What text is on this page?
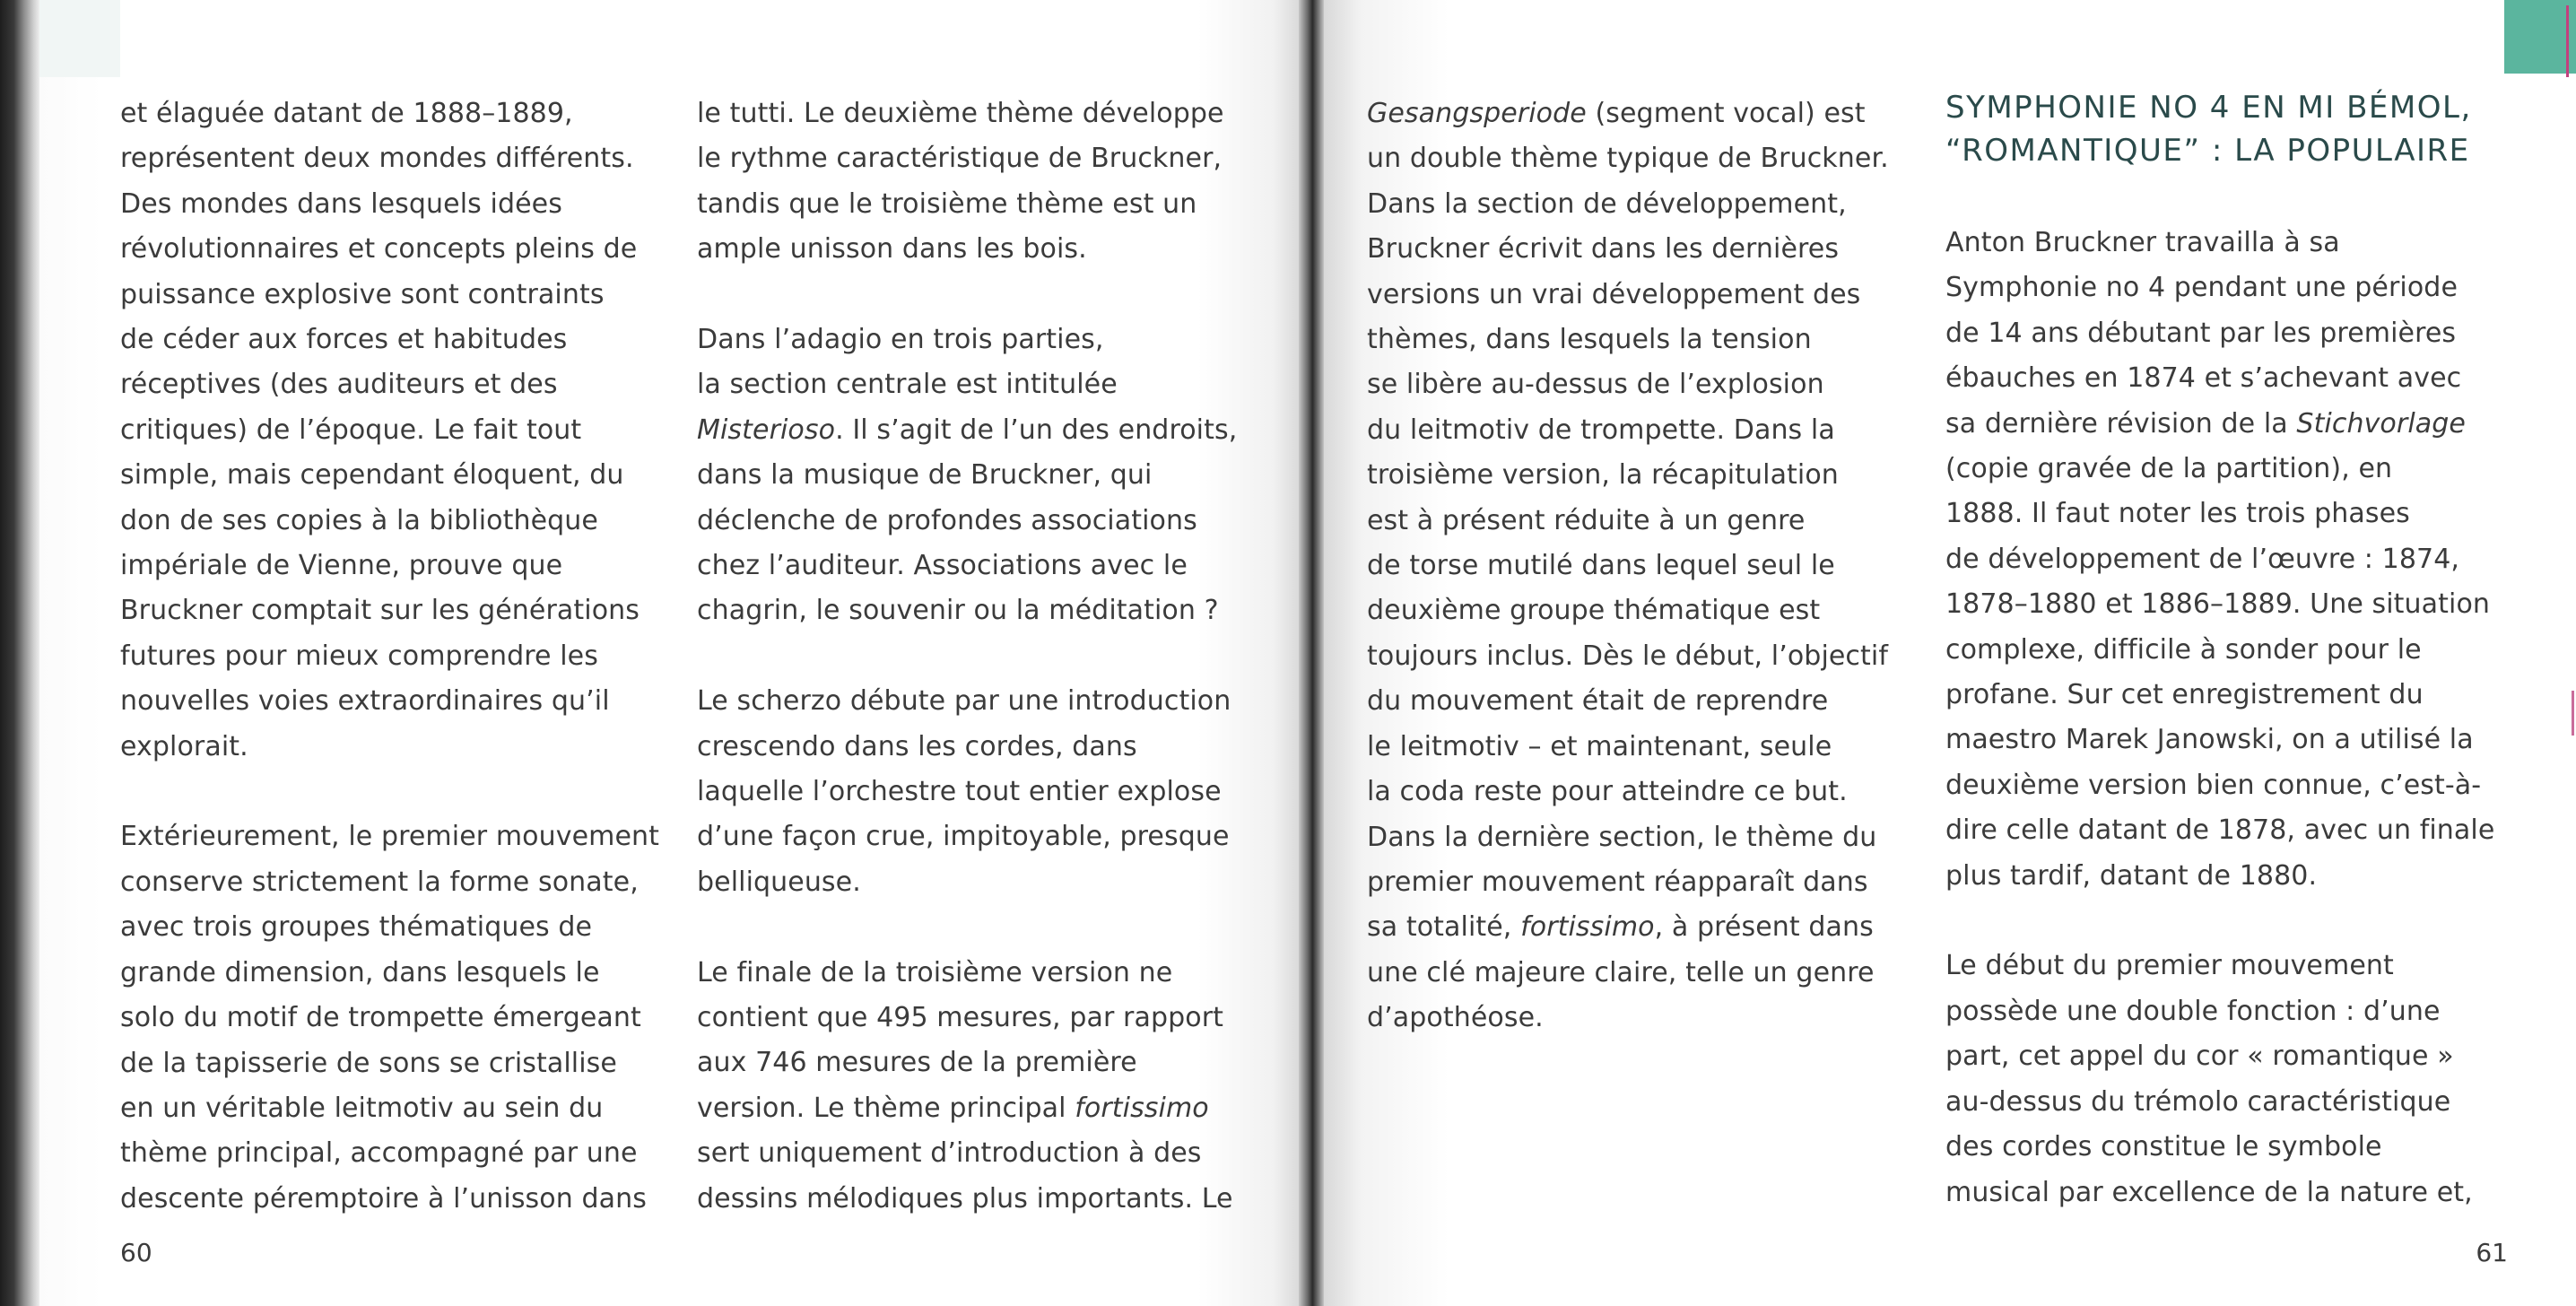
et élaguée datant de 1888–1889,
représentent deux mondes différents.
Des mondes dans lesquels idées
révolutionnaires et concepts pleins de
puissance explosive sont contraints
de céder aux forces et habitudes
réceptives (des auditeurs et des
critiques) de l’époque. Le fait tout
simple, mais cependant éloquent, du
don de ses copies à la bibliothèque
impériale de Vienne, prouve que
Bruckner comptait sur les générations
futures pour mieux comprendre les
nouvelles voies extraordinaires qu’il
explorait.
Extérieurement, le premier mouvement
conserve strictement la forme sonate,
avec trois groupes thématiques de
grande dimension, dans lesquels le
solo du motif de trompette émergeant
de la tapisserie de sons se cristallise
en un véritable leitmotiv au sein du
thème principal, accompagné par une
descente péremptoire à l’unisson dans
le tutti. Le deuxième thème développe
le rythme caractéristique de Bruckner,
tandis que le troisième thème est un
ample unisson dans les bois.
Dans l’adagio en trois parties,
la section centrale est intitulée
Misterioso. Il s’agit de l’un des endroits,
dans la musique de Bruckner, qui
déclenche de profondes associations
chez l’auditeur. Associations avec le
chagrin, le souvenir ou la méditation ?
Le scherzo débute par une introduction
crescendo dans les cordes, dans
laquelle l’orchestre tout entier explose
d’une façon crue, impitoyable, presque
belliqueuse.
Le finale de la troisième version ne
contient que 495 mesures, par rapport
aux 746 mesures de la première
version. Le thème principal fortissimo
sert uniquement d’introduction à des
dessins mélodiques plus importants. Le
60
Gesangsperiode (segment vocal) est
un double thème typique de Bruckner.
Dans la section de développement,
Bruckner écrivit dans les dernières
versions un vrai développement des
thèmes, dans lesquels la tension
se libère au-dessus de l’explosion
du leitmotiv de trompette. Dans la
troisième version, la récapitulation
est à présent réduite à un genre
de torse mutilé dans lequel seul le
deuxième groupe thématique est
toujours inclus. Dès le début, l’objectif
du mouvement était de reprendre
le leitmotiv – et maintenant, seule
la coda reste pour atteindre ce but.
Dans la dernière section, le thème du
premier mouvement réapparaît dans
sa totalité, fortissimo, à présent dans
une clé majeure claire, telle un genre
d’apothéose.
SYMPHONIE NO 4 EN MI BÉMOL,
“ROMANTIQUE” : LA POPULAIRE
Anton Bruckner travailla à sa
Symphonie no 4 pendant une période
de 14 ans débutant par les premières
ébauches en 1874 et s’achevant avec
sa dernière révision de la Stichvorlage
(copie gravée de la partition), en
1888. Il faut noter les trois phases
de développement de l’œuvre : 1874,
1878–1880 et 1886–1889. Une situation
complexe, difficile à sonder pour le
profane. Sur cet enregistrement du
maestro Marek Janowski, on a utilisé la
deuxième version bien connue, c’est-à-
dire celle datant de 1878, avec un finale
plus tardif, datant de 1880.
Le début du premier mouvement
possède une double fonction : d’une
part, cet appel du cor « romantique »
au-dessus du trémolo caractéristique
des cordes constitue le symbole
musical par excellence de la nature et,
61
